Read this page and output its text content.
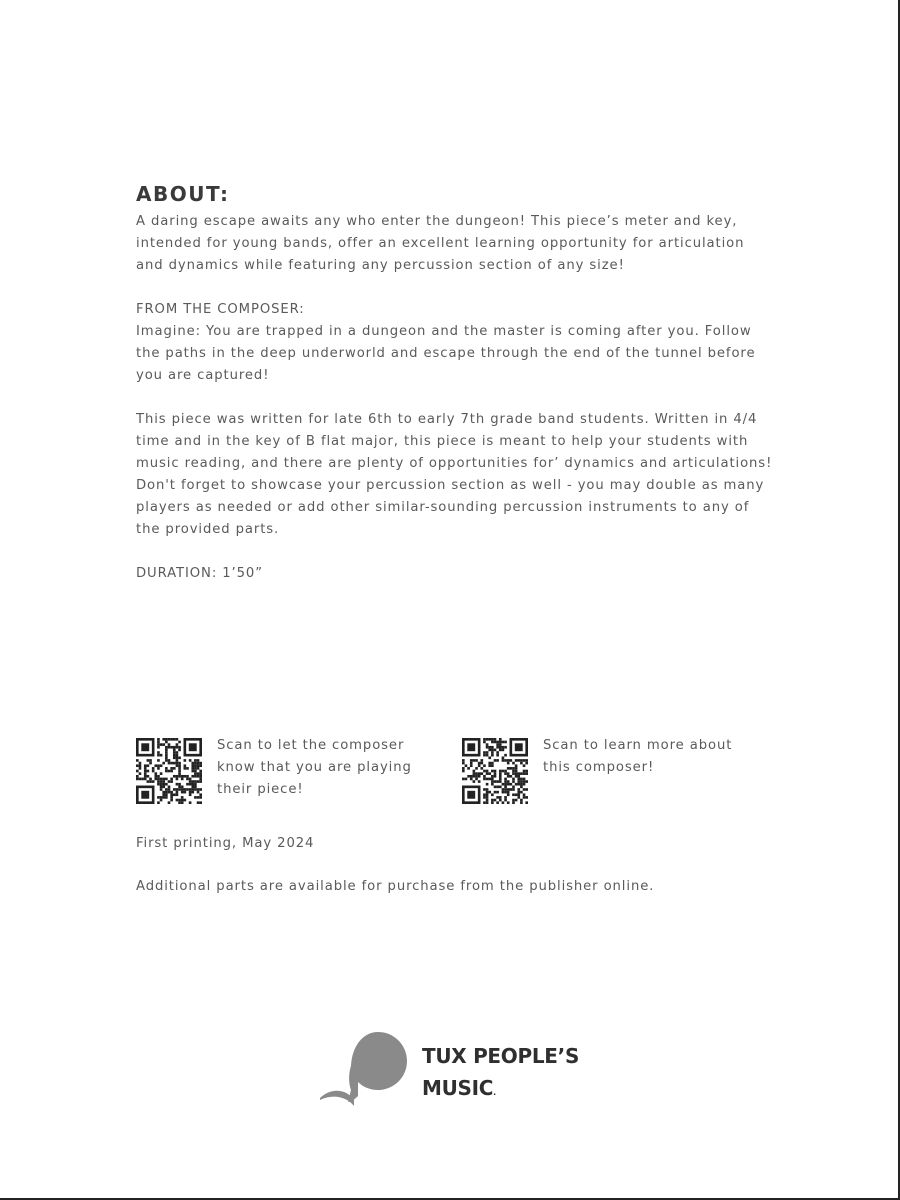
ABOUT:

A daring escape awaits any who enter the dungeon! This piece’s meter and key, intended for young bands, offer an excellent learning opportunity for articulation and dynamics while featuring any percussion section of any size!

FROM THE COMPOSER:

Imagine: You are trapped in a dungeon and the master is coming after you. Follow the paths in the deep underworld and escape through the end of the tunnel before you are captured!

This piece was written for late 6th to early 7th grade band students. Written in 4/4 time and in the key of B flat major, this piece is meant to help your students with music reading, and there are plenty of opportunities for’ dynamics and articulations! Don't forget to showcase your percussion section as well - you may double as many players as needed or add other similar-sounding percussion instruments to any of the provided parts.

DURATION: 1’50”

Scan to let the composer know that you are playing their piece!
Scan to learn more about this composer!
First printing, May 2024
Additional parts are available for purchase from the publisher online.
TUX PEOPLE’S
MUSIC.
